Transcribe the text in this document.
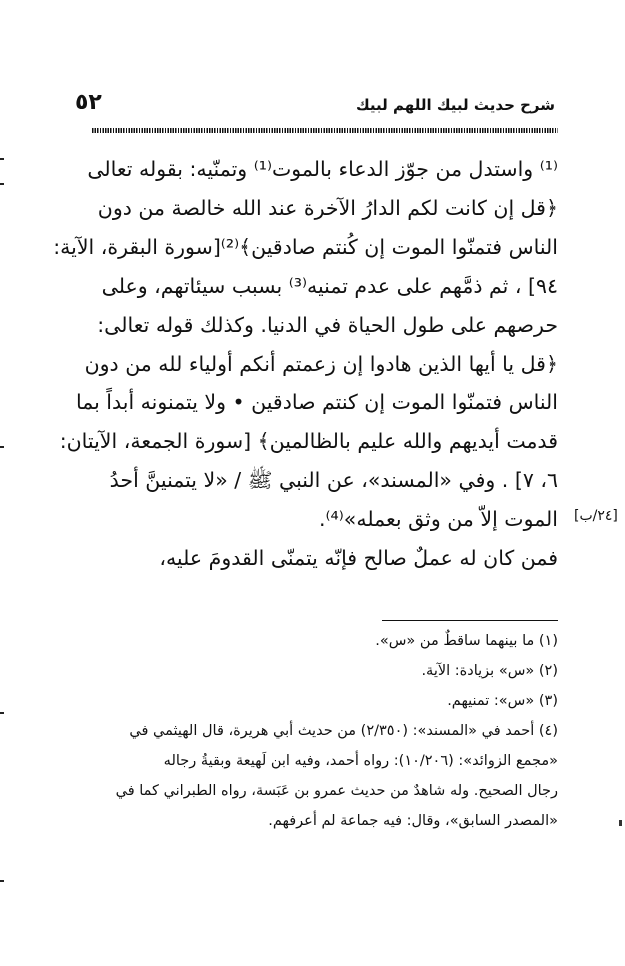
٥٢	شرح حديث لبيك اللهم لبيك
⁽¹⁾ واستدل من جوّز الدعاء بالموت⁽¹⁾ وتمنّيه: بقوله تعالى
﴿قل إن كانت لكم الدارُ الآخرة عند الله خالصة من دون
الناس فتمنّوا الموت إن كُنتم صادقين﴾⁽²⁾[سورة البقرة، الآية:
٩٤] ، ثم ذمَّهم على عدم تمنيه⁽³⁾ بسبب سيئاتهم، وعلى
حرصهم على طول الحياة في الدنيا. وكذلك قوله تعالى:
﴿قل يا أيها الذين هادوا إن زعمتم أنكم أولياء لله من دون
الناس فتمنّوا الموت إن كنتم صادقين • ولا يتمنونه أبداً بما
قدمت أيديهم والله عليم بالظالمين﴾ [سورة الجمعة، الآيتان:
٦، ٧] . وفي «المسند»، عن النبي ﷺ / «لا يتمنينَّ أحدُ
الموت إلاّ من وثق بعمله»⁽⁴⁾.
فمن كان له عملٌ صالح فإنّه يتمنّى القدومَ عليه،
[٢٤/ب]
(١) ما بينهما ساقطٌ من «س».
(٢) «س» بزيادة: الآية.
(٣) «س»: تمنيهم.
(٤) أحمد في «المسند»: (٢/٣٥٠) من حديث أبي هريرة، قال الهيثمي في
«مجمع الزوائد»: (١٠/٢٠٦): رواه أحمد، وفيه ابن لَهيعة وبقيةُ رجاله
رجال الصحيح. وله شاهدٌ من حديث عمرو بن عَبَسة، رواه الطبراني كما في
«المصدر السابق»، وقال: فيه جماعة لم أعرفهم.
